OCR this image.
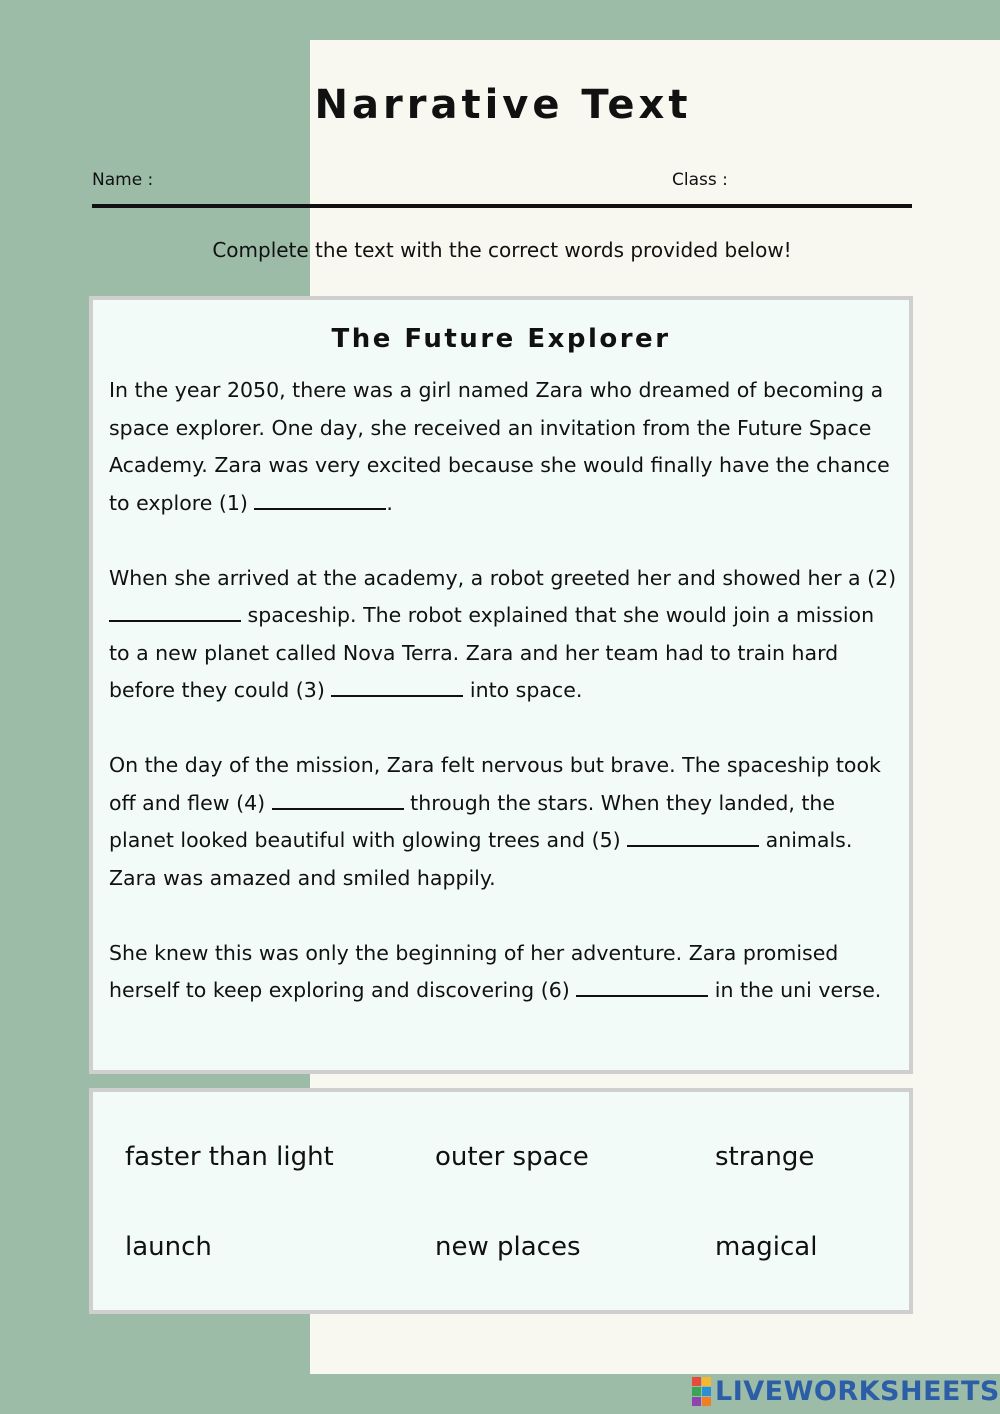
Narrative Text
Name :	Class :
Complete the text with the correct words provided below!
The Future Explorer

In the year 2050, there was a girl named Zara who dreamed of becoming a space explorer. One day, she received an invitation from the Future Space Academy. Zara was very excited because she would finally have the chance to explore (1)	.

When she arrived at the academy, a robot greeted her and showed her a (2)  spaceship. The robot explained that she would join a mission to a new planet called Nova Terra. Zara and her team had to train hard before they could (3)	into space.

On the day of the mission, Zara felt nervous but brave. The spaceship took off and flew (4)	through the stars. When they landed, the planet looked beautiful with glowing trees and (5)	animals. Zara was amazed and smiled happily.

She knew this was only the beginning of her adventure. Zara promised herself to keep exploring and discovering (6)	in the uni verse.

faster than light	outer space	strange
launch	new places	magical
LIVEWORKSHEETS
